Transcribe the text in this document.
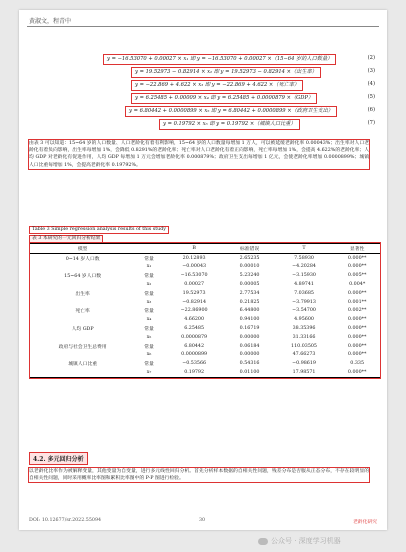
黄淑文，程青中
y = −16.53070 + 0.00027 × x₁ 即 y = −16.53070 + 0.00027 ×（15−64 岁的人口数量）	(2)
y = 19.52973 − 0.82914 × x₂ 即 y = 19.52973 − 0.82914 ×（出生率）	(3)
y = −22.869 + 4.622 × x₃ 即 y = −22.869 + 4.622 ×（死亡率）	(4)
y = 6.25485 + 0.00009 × x₄ 即 y = 6.25485 + 0.0000879 ×（GDP）	(5)
y = 6.80442 + 0.0000899 × x₅ 即 y = 6.80442 + 0.0000899 ×（政府卫生支出）	(6)
y = 0.19792 × x₆ 即 y = 0.19792 ×（城镇人口比重）	(7)
由表 3 可以知道：15~64 岁的人口数量、人口老龄化有着有利影响，15~64 岁的人口数量每增加 1 万人，可以被延缓老龄化率 0.00043%；出生率对人口老龄化有着负向影响，出生率每增加 1%，会降低 0.8291%的老龄化率；死亡率对人口老龄化有着正向影响，死亡率每增加 1%，会提高 4.622%的老龄化率；人均 GDP 对老龄化有促进作用，人均 GDP 每增加 1 万元会增加老龄化率 0.000879%；政府卫生支出每增加 1 亿元，会使老龄化率增加 0.0000899%；城镇人口比重每增加 1%，会提高老龄化率 0.19792%。
Table 3 Simple regression analysis results of this study
表 3 本研究的一元回归分析结果
模型		B	标准错误	T	显著性
0~14 岁人口数	常量	20.12893	2.65235	7.58930	0.000**
	x₁	−0.00043	0.00010	−4.20284	0.000**
15~64 岁人口数	常量	−16.53070	5.23240	−3.15930	0.005**
	x₂	0.00027	0.00005	4.89741	0.004*
出生率	常量	19.52973	2.77534	7.03685	0.000**
	x₃	−0.82914	0.21825	−3.79913	0.001**
死亡率	常量	−22.86900	6.44800	−3.54700	0.002**
	x₄	4.66200	0.94100	4.95600	0.000**
人均 GDP	常量	6.25485	0.16719	38.35396	0.000**
	x₅	0.0000879	0.00000	31.33166	0.000**
政府与社会卫生总费用	常量	6.80442	0.06184	110.03505	0.000**
	x₆	0.0000899	0.00000	47.66273	0.000**
城镇人口比重	常量	−0.53566	0.54316	−0.98619	0.335
	x₇	0.19792	0.01100	17.98571	0.000**
4.2. 多元回归分析
以老龄化比率作为被解释变量，其他变量为自变量，进行多元线性回归分析。首先分析样本数据的自相关性问题，残差分布是否服从正态分布，不存在较明显的自相关性问题，同时采用概率比率图和累积比率图中的 P-P 图进行检验。
DOI: 10.12677/sr.2022.55094	30	老龄化研究
公众号 · 深度学习机器
